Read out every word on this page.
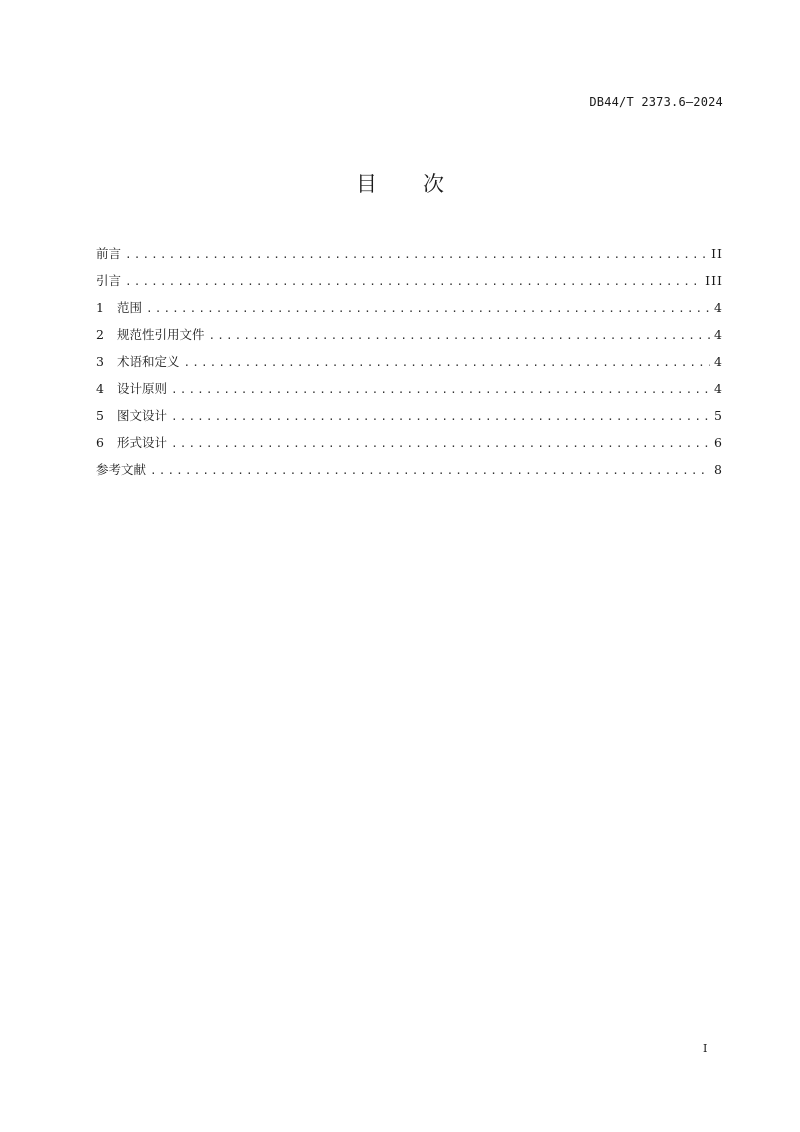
DB44/T 2373.6—2024
目 次
前言 .....	II
引言 .....	III
1	范围 .....	4
2	规范性引用文件 .....	4
3	术语和定义 .....	4
4	设计原则 .....	4
5	图文设计 .....	5
6	形式设计 .....	6
参考文献 .....	8
I
